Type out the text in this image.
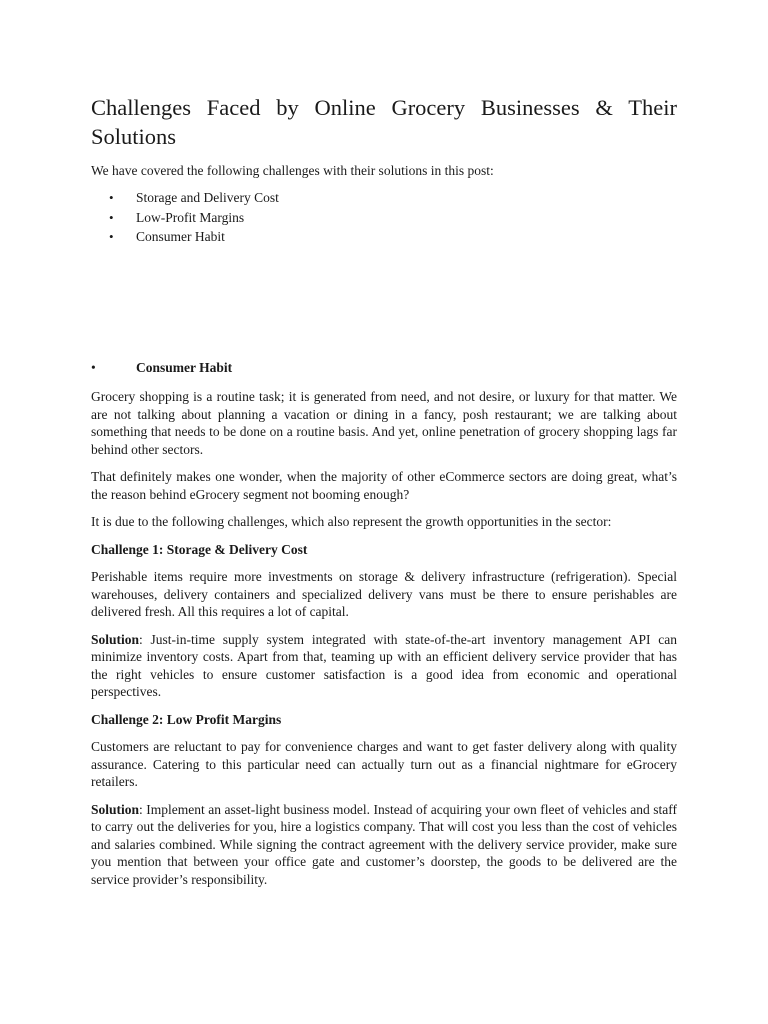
Challenges Faced by Online Grocery Businesses & Their Solutions

We have covered the following challenges with their solutions in this post:

• Storage and Delivery Cost
• Low-Profit Margins
• Consumer Habit
•	Consumer Habit

Grocery shopping is a routine task; it is generated from need, and not desire, or luxury for that matter. We are not talking about planning a vacation or dining in a fancy, posh restaurant; we are talking about something that needs to be done on a routine basis. And yet, online penetration of grocery shopping lags far behind other sectors.

That definitely makes one wonder, when the majority of other eCommerce sectors are doing great, what’s the reason behind eGrocery segment not booming enough?

It is due to the following challenges, which also represent the growth opportunities in the sector:

Challenge 1: Storage & Delivery Cost

Perishable items require more investments on storage & delivery infrastructure (refrigeration). Special warehouses, delivery containers and specialized delivery vans must be there to ensure perishables are delivered fresh. All this requires a lot of capital.

Solution: Just-in-time supply system integrated with state-of-the-art inventory management API can minimize inventory costs. Apart from that, teaming up with an efficient delivery service provider that has the right vehicles to ensure customer satisfaction is a good idea from economic and operational perspectives.

Challenge 2: Low Profit Margins

Customers are reluctant to pay for convenience charges and want to get faster delivery along with quality assurance. Catering to this particular need can actually turn out as a financial nightmare for eGrocery retailers.

Solution: Implement an asset-light business model. Instead of acquiring your own fleet of vehicles and staff to carry out the deliveries for you, hire a logistics company. That will cost you less than the cost of vehicles and salaries combined. While signing the contract agreement with the delivery service provider, make sure you mention that between your office gate and customer’s doorstep, the goods to be delivered are the service provider’s responsibility.
